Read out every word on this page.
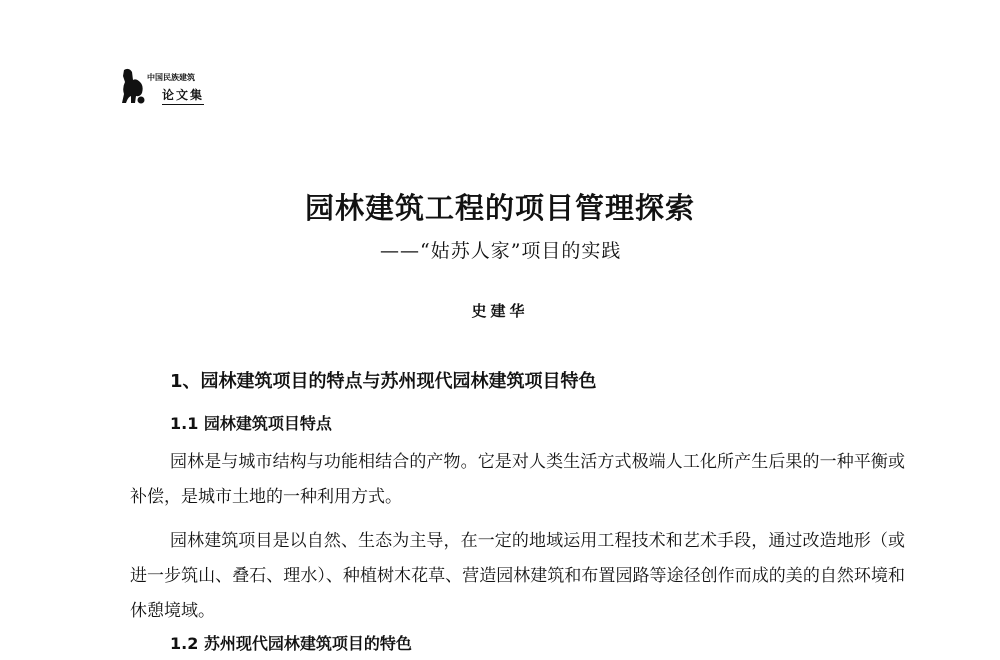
中国民族建筑
论文集
园林建筑工程的项目管理探索
——“姑苏人家”项目的实践
史建华
1、园林建筑项目的特点与苏州现代园林建筑项目特色
1.1 园林建筑项目特点

园林是与城市结构与功能相结合的产物。它是对人类生活方式极端人工化所产生后果的一种平衡或补偿，是城市土地的一种利用方式。

园林建筑项目是以自然、生态为主导，在一定的地域运用工程技术和艺术手段，通过改造地形（或进一步筑山、叠石、理水）、种植树木花草、营造园林建筑和布置园路等途径创作而成的美的自然环境和休憩境域。

1.2 苏州现代园林建筑项目的特色
